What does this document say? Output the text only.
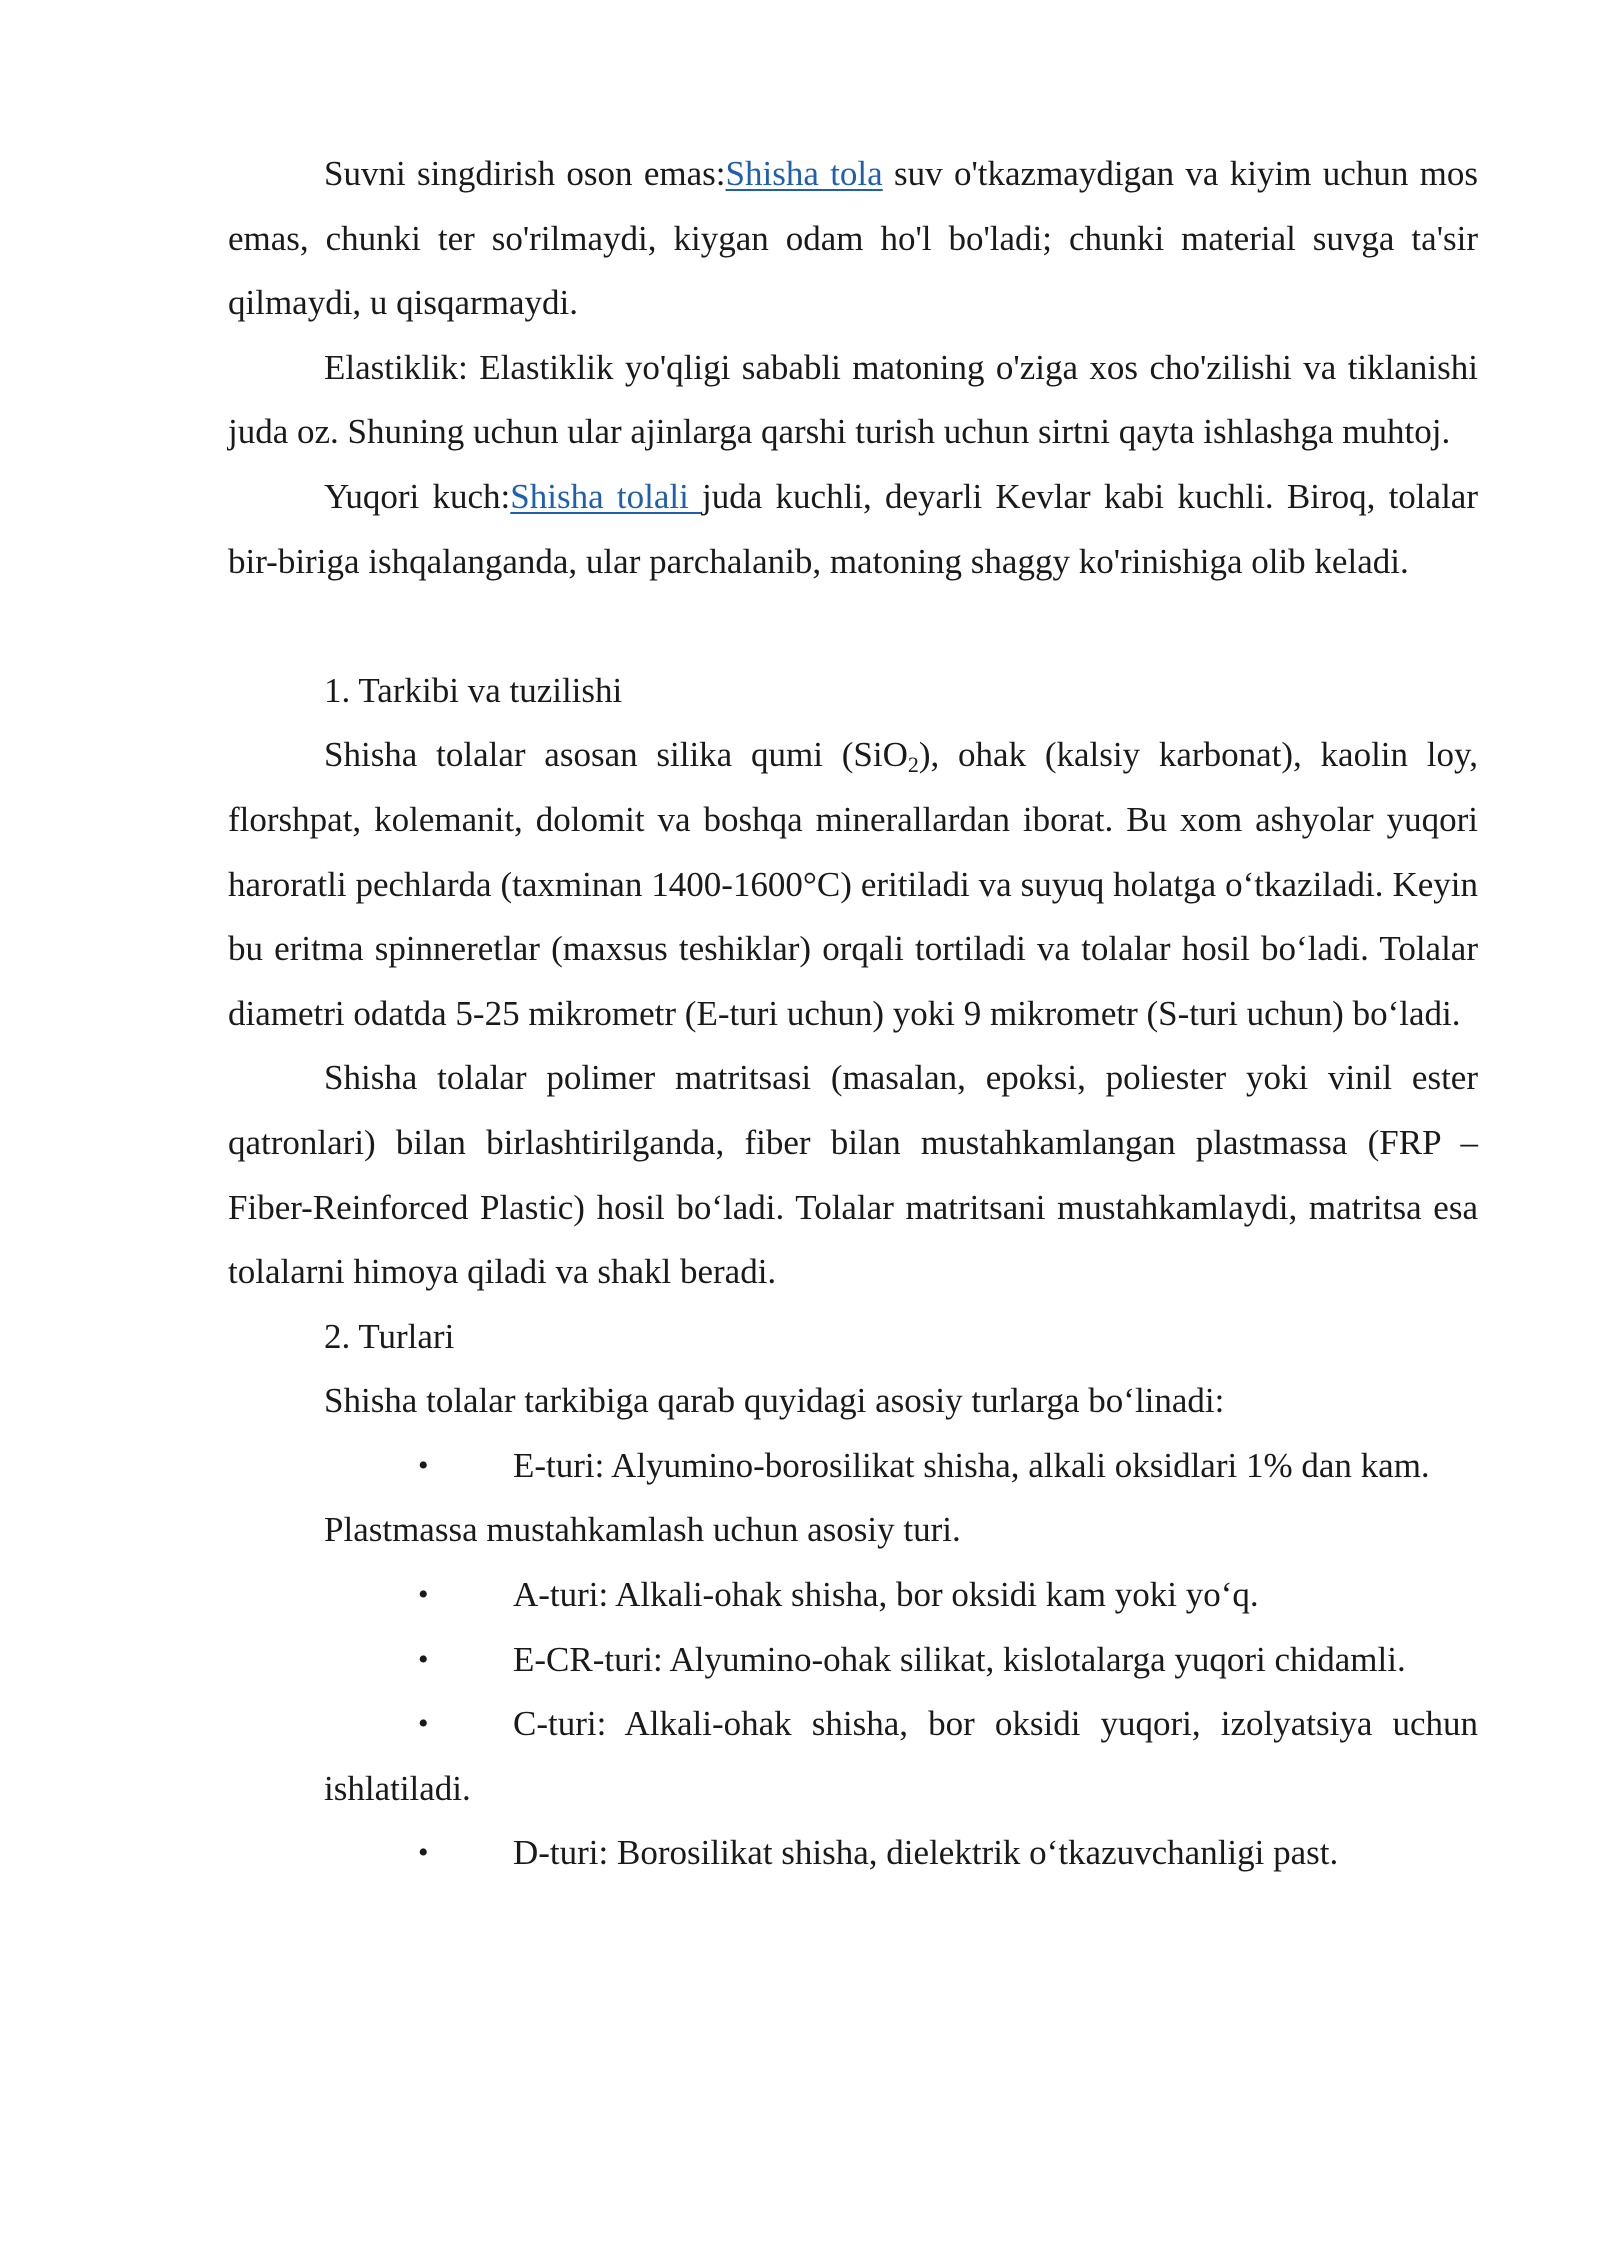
Suvni singdirish oson emas:Shisha tola suv o'tkazmaydigan va kiyim uchun mos emas, chunki ter so'rilmaydi, kiygan odam ho'l bo'ladi; chunki material suvga ta'sir qilmaydi, u qisqarmaydi.

Elastiklik: Elastiklik yo'qligi sababli matoning o'ziga xos cho'zilishi va tiklanishi juda oz. Shuning uchun ular ajinlarga qarshi turish uchun sirtni qayta ishlashga muhtoj.

Yuqori kuch:Shisha tolali juda kuchli, deyarli Kevlar kabi kuchli. Biroq, tolalar bir-biriga ishqalanganda, ular parchalanib, matoning shaggy ko'rinishiga olib keladi.

1. Tarkibi va tuzilishi

Shisha tolalar asosan silika qumi (SiO$_2$), ohak (kalsiy karbonat), kaolin loy, florshpat, kolemanit, dolomit va boshqa minerallardan iborat. Bu xom ashyolar yuqori haroratli pechlarda (taxminan 1400-1600°C) eritiladi va suyuq holatga o‘tkaziladi. Keyin bu eritma spinneretlar (maxsus teshiklar) orqali tortiladi va tolalar hosil bo‘ladi. Tolalar diametri odatda 5-25 mikrometr (E-turi uchun) yoki 9 mikrometr (S-turi uchun) bo‘ladi.

Shisha tolalar polimer matritsasi (masalan, epoksi, poliester yoki vinil ester qatronlari) bilan birlashtirilganda, fiber bilan mustahkamlangan plastmassa (FRP – Fiber-Reinforced Plastic) hosil bo‘ladi. Tolalar matritsani mustahkamlaydi, matritsa esa tolalarni himoya qiladi va shakl beradi.

2. Turlari

Shisha tolalar tarkibiga qarab quyidagi asosiy turlarga bo‘linadi:

• E-turi: Alyumino-borosilikat shisha, alkali oksidlari 1% dan kam.

Plastmassa mustahkamlash uchun asosiy turi.

• A-turi: Alkali-ohak shisha, bor oksidi kam yoki yo‘q.
• E-CR-turi: Alyumino-ohak silikat, kislotalarga yuqori chidamli.
• C-turi: Alkali-ohak shisha, bor oksidi yuqori, izolyatsiya uchun

ishlatiladi.

• D-turi: Borosilikat shisha, dielektrik o‘tkazuvchanligi past.
